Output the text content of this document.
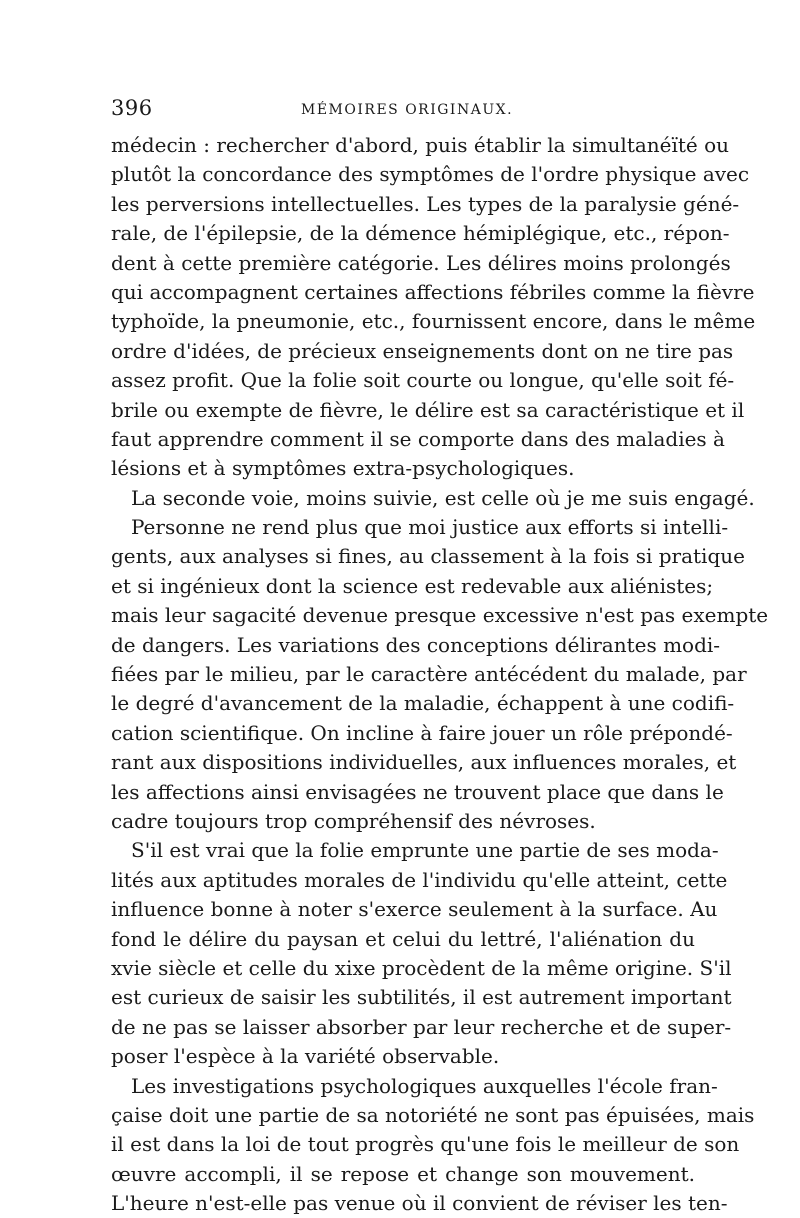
396	MÉMOIRES ORIGINAUX.
médecin : rechercher d'abord, puis établir la simultanéïté ou
plutôt la concordance des symptômes de l'ordre physique avec
les perversions intellectuelles. Les types de la paralysie géné-
rale, de l'épilepsie, de la démence hémiplégique, etc., répon-
dent à cette première catégorie. Les délires moins prolongés
qui accompagnent certaines affections fébriles comme la fièvre
typhoïde, la pneumonie, etc., fournissent encore, dans le même
ordre d'idées, de précieux enseignements dont on ne tire pas
assez profit. Que la folie soit courte ou longue, qu'elle soit fé-
brile ou exempte de fièvre, le délire est sa caractéristique et il
faut apprendre comment il se comporte dans des maladies à
lésions et à symptômes extra-psychologiques.
La seconde voie, moins suivie, est celle où je me suis engagé.
Personne ne rend plus que moi justice aux efforts si intelli-
gents, aux analyses si fines, au classement à la fois si pratique
et si ingénieux dont la science est redevable aux aliénistes;
mais leur sagacité devenue presque excessive n'est pas exempte
de dangers. Les variations des conceptions délirantes modi-
fiées par le milieu, par le caractère antécédent du malade, par
le degré d'avancement de la maladie, échappent à une codifi-
cation scientifique. On incline à faire jouer un rôle prépondé-
rant aux dispositions individuelles, aux influences morales, et
les affections ainsi envisagées ne trouvent place que dans le
cadre toujours trop compréhensif des névroses.
S'il est vrai que la folie emprunte une partie de ses moda-
lités aux aptitudes morales de l'individu qu'elle atteint, cette
influence bonne à noter s'exerce seulement à la surface. Au
fond le délire du paysan et celui du lettré, l'aliénation du
xvie siècle et celle du xixe procèdent de la même origine. S'il
est curieux de saisir les subtilités, il est autrement important
de ne pas se laisser absorber par leur recherche et de super-
poser l'espèce à la variété observable.
Les investigations psychologiques auxquelles l'école fran-
çaise doit une partie de sa notoriété ne sont pas épuisées, mais
il est dans la loi de tout progrès qu'une fois le meilleur de son
œuvre accompli, il se repose et change son mouvement.
L'heure n'est-elle pas venue où il convient de réviser les ten-
